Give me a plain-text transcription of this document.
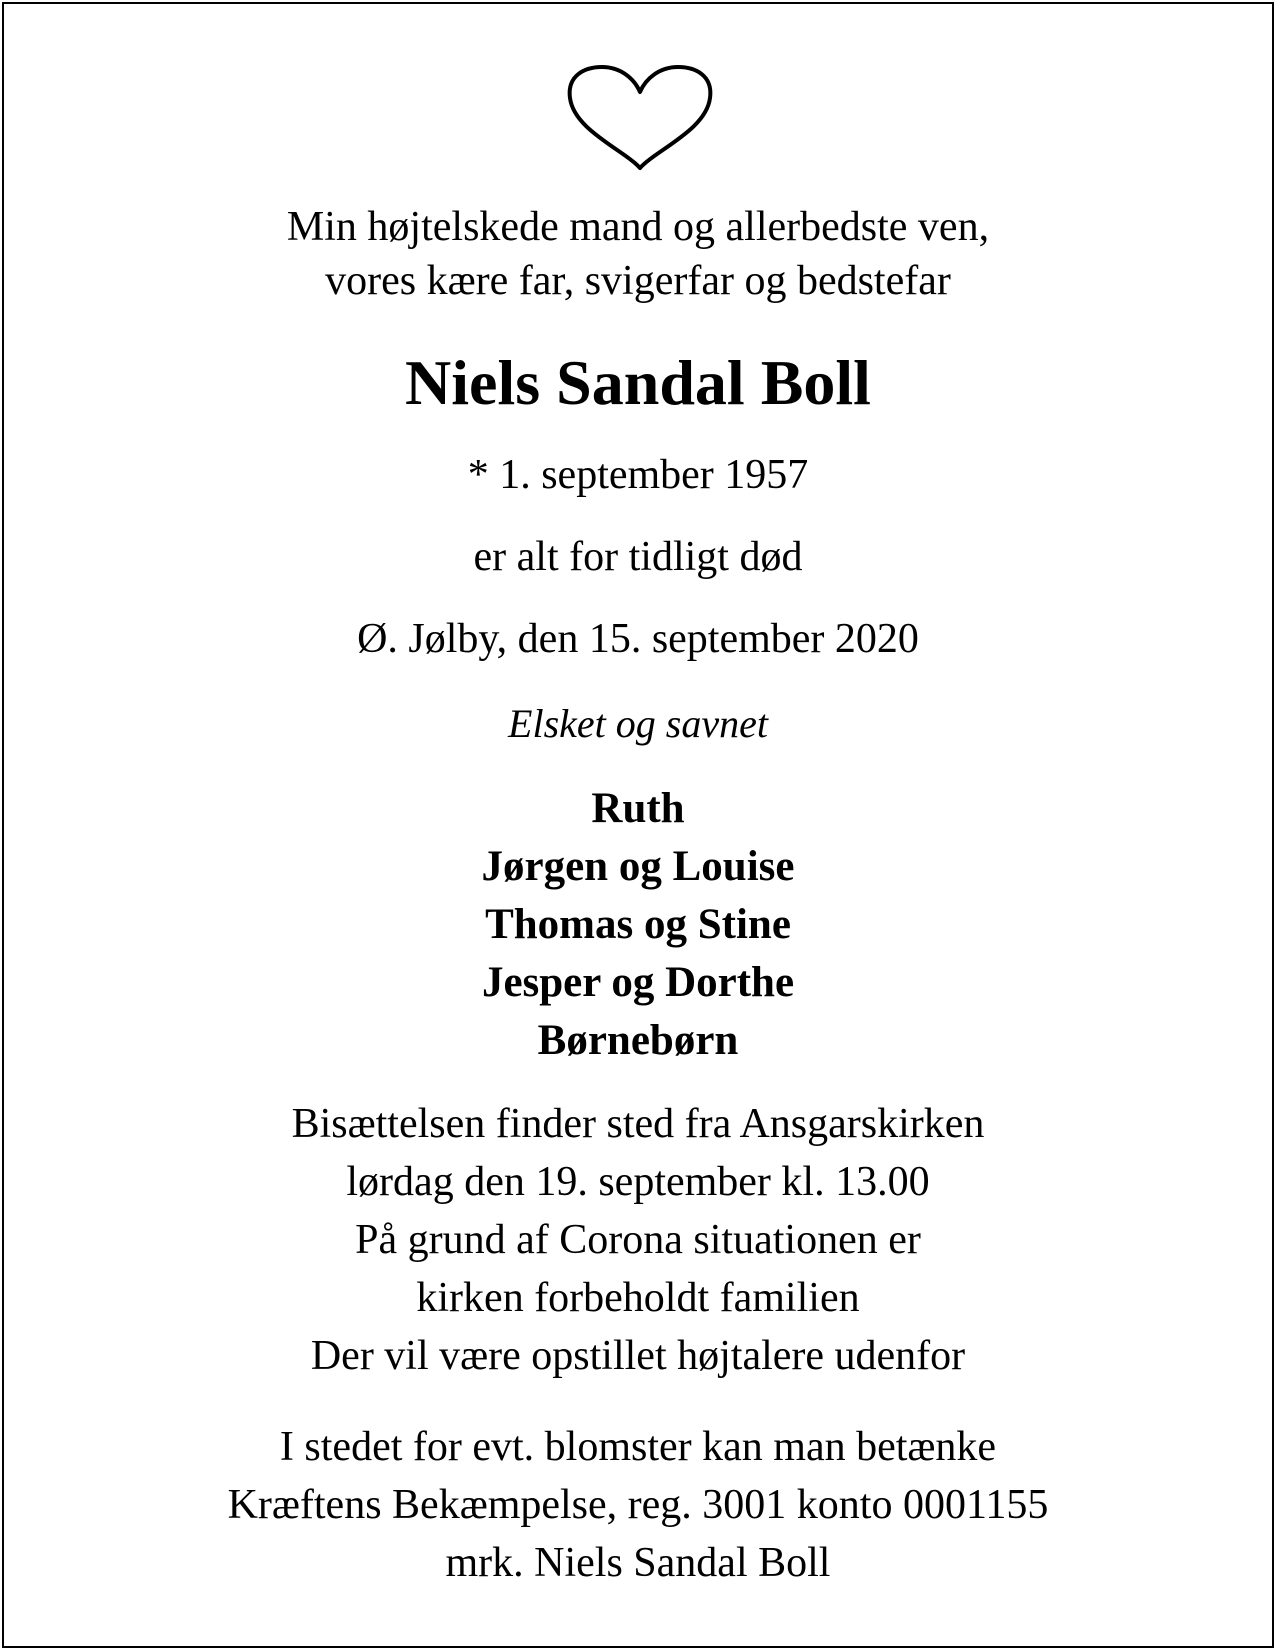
Min højtelskede mand og allerbedste ven,
vores kære far, svigerfar og bedstefar
Niels Sandal Boll
* 1. september 1957
er alt for tidligt død
Ø. Jølby, den 15. september 2020
Elsket og savnet
Ruth
Jørgen og Louise
Thomas og Stine
Jesper og Dorthe
Børnebørn
Bisættelsen finder sted fra Ansgarskirken
lørdag den 19. september kl. 13.00
På grund af Corona situationen er
kirken forbeholdt familien
Der vil være opstillet højtalere udenfor
I stedet for evt. blomster kan man betænke
Kræftens Bekæmpelse, reg. 3001 konto 0001155
mrk. Niels Sandal Boll
